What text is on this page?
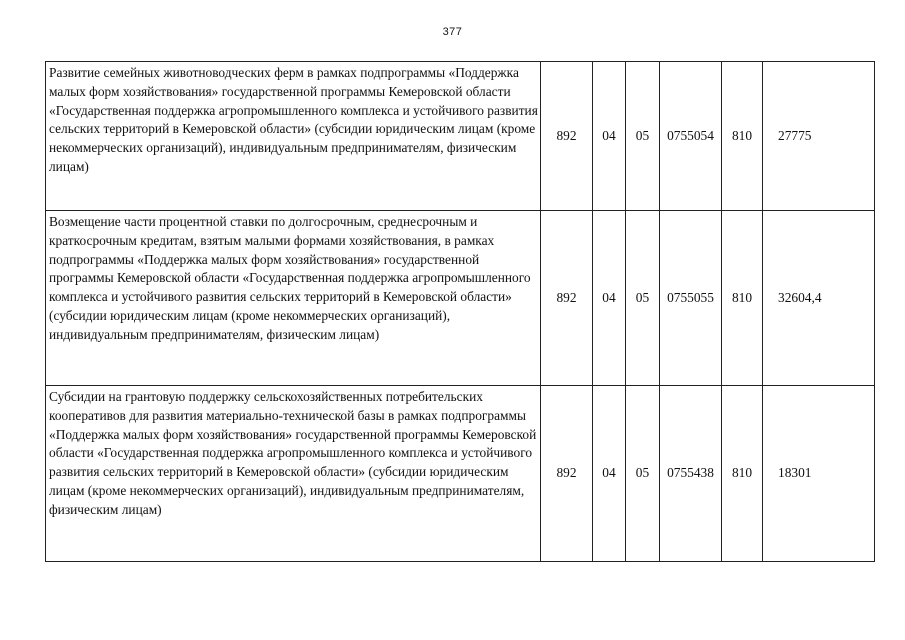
377
Развитие семейных животноводческих ферм в рамках подпрограммы «Поддержка малых форм хозяйствования» государственной программы Кемеровской области «Государственная поддержка агропромышленного комплекса и устойчивого развития сельских территорий в Кемеровской области» (субсидии юридическим лицам (кроме некоммерческих организаций), индивидуальным предпринимателям, физическим лицам)	892	04	05	0755054	810	27775
Возмещение части процентной ставки по долгосрочным, среднесрочным и краткосрочным кредитам, взятым малыми формами хозяйствования, в рамках подпрограммы «Поддержка малых форм хозяйствования» государственной программы Кемеровской области «Государственная поддержка агропромышленного комплекса и устойчивого развития сельских территорий в Кемеровской области» (субсидии юридическим лицам (кроме некоммерческих организаций), индивидуальным предпринимателям, физическим лицам)	892	04	05	0755055	810	32604,4
Субсидии на грантовую поддержку сельскохозяйственных потребительских кооперативов для развития материально-технической базы в рамках подпрограммы «Поддержка малых форм хозяйствования» государственной программы Кемеровской области «Государственная поддержка агропромышленного комплекса и устойчивого развития сельских территорий в Кемеровской области» (субсидии юридическим лицам (кроме некоммерческих организаций), индивидуальным предпринимателям, физическим лицам)	892	04	05	0755438	810	18301
